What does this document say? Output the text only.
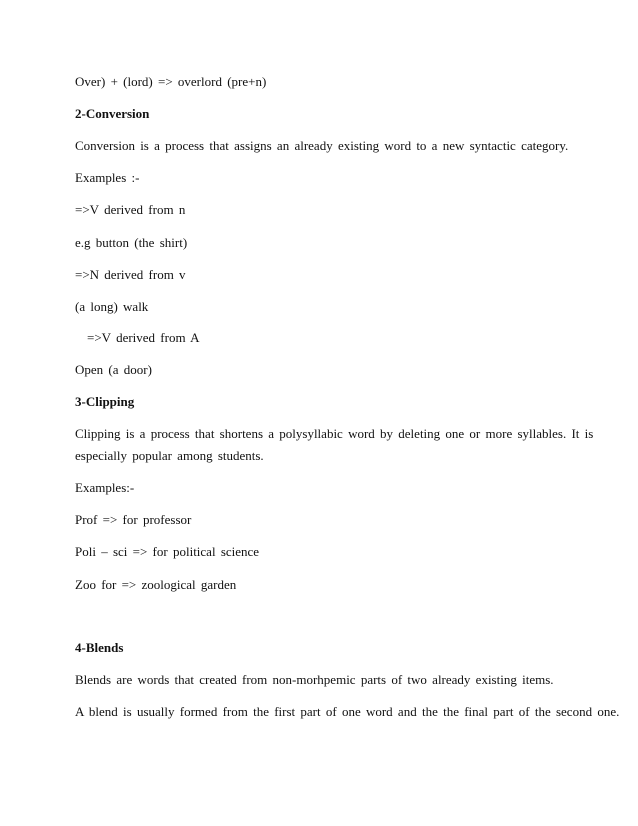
Over) + (lord) => overlord (pre+n)
2-Conversion
Conversion is a process that assigns an already existing word to a new syntactic category.
Examples :-
=>V derived from n
e.g button (the shirt)
=>N derived from v
(a long) walk
=>V derived from A
Open (a door)
3-Clipping
Clipping is a process that shortens a polysyllabic word by deleting one or more syllables. It is
especially popular among students.
Examples:-
Prof => for professor
Poli – sci => for political science
Zoo for => zoological garden
4-Blends
Blends are words that created from non-morhpemic parts of two already existing items.
A blend is usually formed from the first part of one word and the the final part of the second one.
